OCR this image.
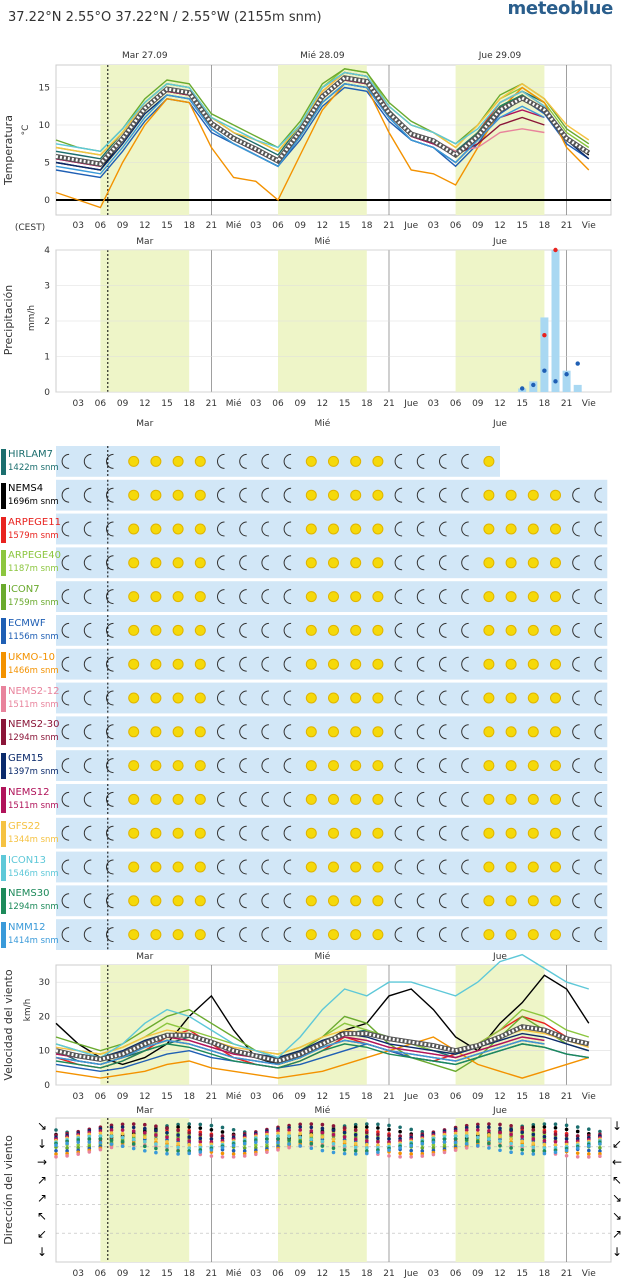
37.22°N 2.55°O 37.22°N / 2.55°W (2155m snm)	meteoblue
Mar 27.09	Mié 28.09	Jue 29.09
0
5
10
15
Temperatura °C
(CEST)	03 06 09 12 15 18 21 Mié 03 06 09 12 15 18 21 Jue 03 06 09 12 15 18 21 Vie
Mar	Mié	Jue
0
1
2
3
4
Precipitación mm/h
03 06 09 12 15 18 21 Mié 03 06 09 12 15 18 21 Jue 03 06 09 12 15 18 21 Vie
Mar	Mié	Jue
Mar	Mié	Jue
0
10
20
30
Velocidad del viento km/h
03 06 09 12 15 18 21 Mié 03 06 09 12 15 18 21 Jue 03 06 09 12 15 18 21 Vie
Mar	Mié	Jue
↘
↓
→
↗
↗
↖
↙
↓
↓
↙
←
↖
↘
↘
↗
↓
Dirección del viento
03 06 09 12 15 18 21 Mié 03 06 09 12 15 18 21 Jue 03 06 09 12 15 18 21 Vie
HIRLAM7
1422m snm
NEMS4
1696m snm
ARPEGE11
1579m snm
ARPEGE40
1187m snm
ICON7
1759m snm
ECMWF
1156m snm
UKMO-10
1466m snm
NEMS2-12
1511m snm
NEMS2-30
1294m snm
GEM15
1397m snm
NEMS12
1511m snm
GFS22
1344m snm
ICON13
1546m snm
NEMS30
1294m snm
NMM12
1414m snm
